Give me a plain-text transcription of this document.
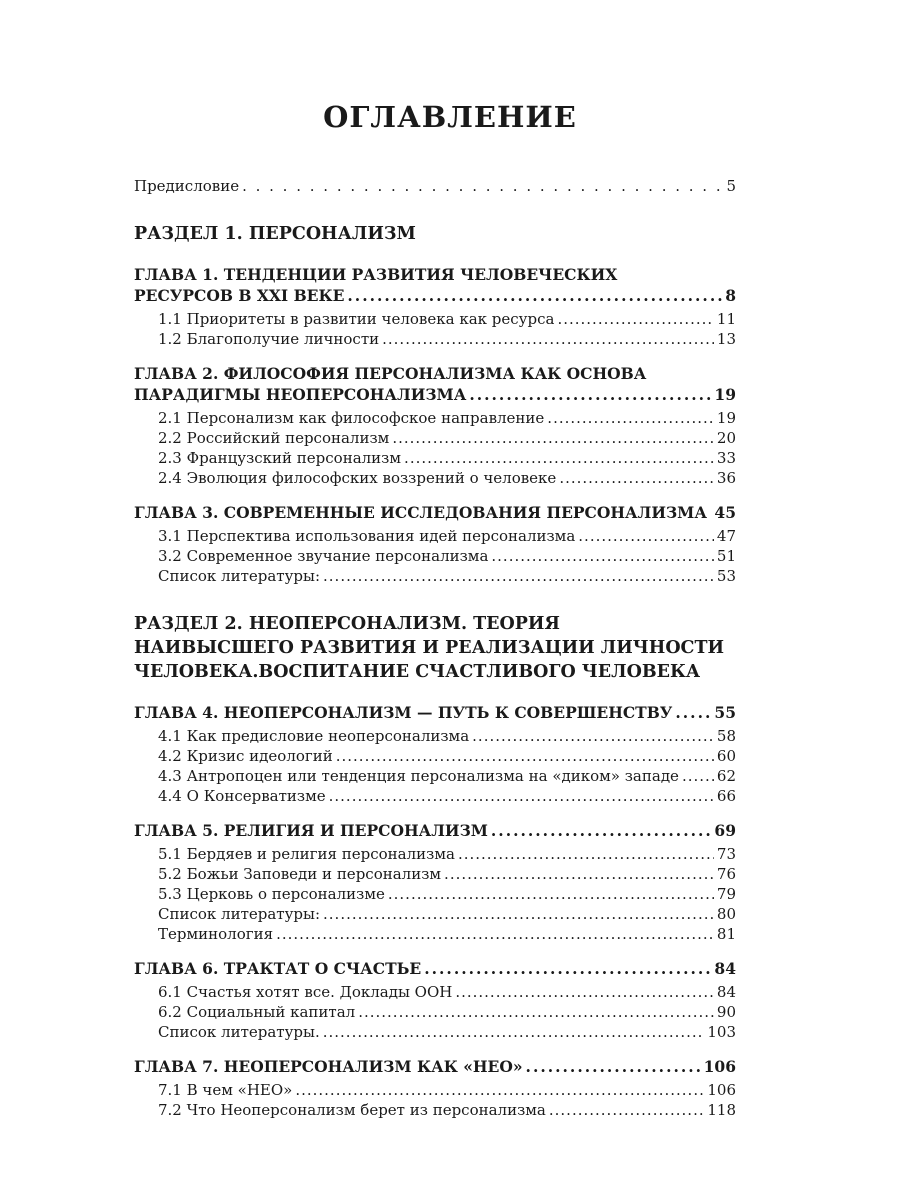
ОГЛАВЛЕНИЕ
Предисловие . . .	5
РАЗДЕЛ 1. ПЕРСОНАЛИЗМ
ГЛАВА 1. ТЕНДЕНЦИИ РАЗВИТИЯ ЧЕЛОВЕЧЕСКИХ
РЕСУРСОВ В XXI ВЕКЕ .....	8
1.1 Приоритеты в развитии человека как ресурса .....	11
1.2 Благополучие личности .....	13
ГЛАВА 2. ФИЛОСОФИЯ ПЕРСОНАЛИЗМА КАК ОСНОВА
ПАРАДИГМЫ НЕОПЕРСОНАЛИЗМА .....	19
2.1 Персонализм как философское направление .....	19
2.2 Российский персонализм .....	20
2.3 Французский персонализм .....	33
2.4 Эволюция философских воззрений о человеке .....	36
ГЛАВА 3. СОВРЕМЕННЫЕ ИССЛЕДОВАНИЯ ПЕРСОНАЛИЗМА ..... 45
3.1 Перспектива использования идей персонализма .....	47
3.2 Современное звучание персонализма .....	51
Список литературы: .....	53
РАЗДЕЛ 2. НЕОПЕРСОНАЛИЗМ. ТЕОРИЯ
НАИВЫСШЕГО РАЗВИТИЯ И РЕАЛИЗАЦИИ ЛИЧНОСТИ
ЧЕЛОВЕКА.ВОСПИТАНИЕ СЧАСТЛИВОГО ЧЕЛОВЕКА
ГЛАВА 4. НЕОПЕРСОНАЛИЗМ — ПУТЬ К СОВЕРШЕНСТВУ .....	55
4.1 Как предисловие неоперсонализма .....	58
4.2 Кризис идеологий .....	60
4.3 Антропоцен или тенденция персонализма на «диком» западе .....	62
4.4 О Консерватизме .....	66
ГЛАВА 5. РЕЛИГИЯ И ПЕРСОНАЛИЗМ .....	69
5.1 Бердяев и религия персонализма .....	73
5.2 Божьи Заповеди и персонализм .....	76
5.3 Церковь о персонализме .....	79
Список литературы: .....	80
Терминология .....	81
ГЛАВА 6. ТРАКТАТ О СЧАСТЬЕ .....	84
6.1 Счастья хотят все. Доклады ООН .....	84
6.2 Социальный капитал .....	90
Список литературы. .....	103
ГЛАВА 7. НЕОПЕРСОНАЛИЗМ КАК «НЕО» .....	106
7.1 В чем «НЕО» .....	106
7.2 Что Неоперсонализм берет из персонализма .....	118
